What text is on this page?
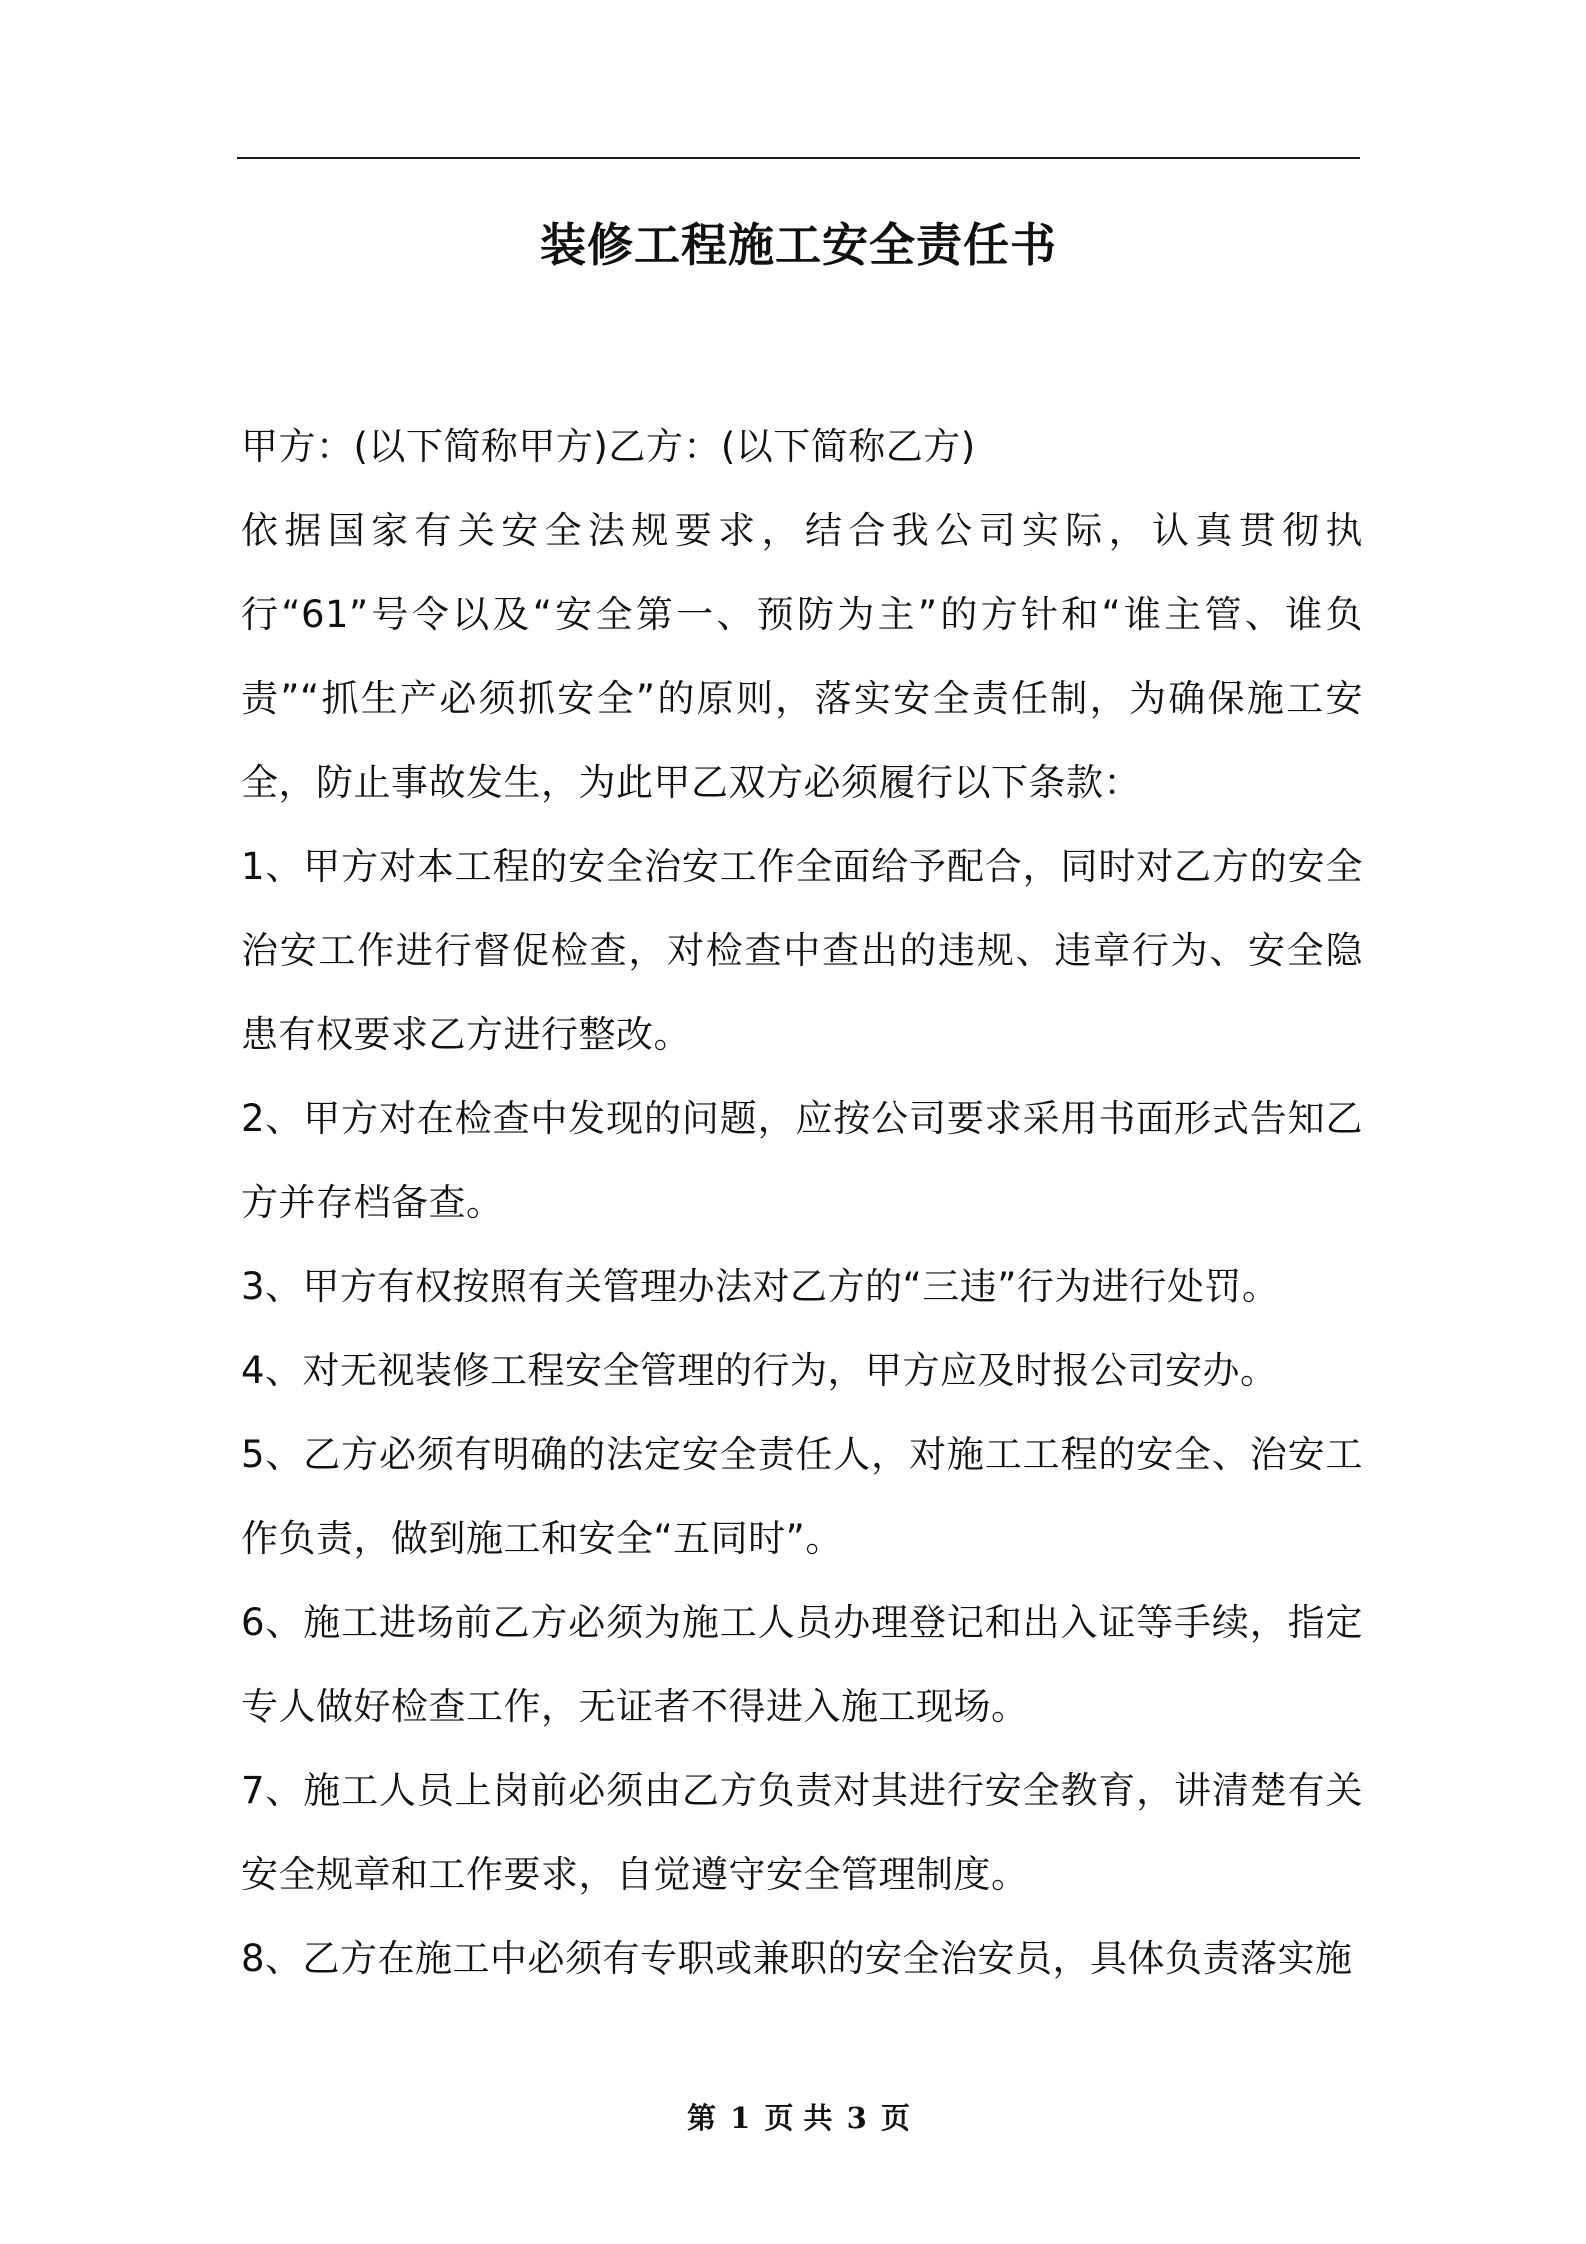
装修工程施工安全责任书

甲方：(以下简称甲方)乙方：(以下简称乙方)

依据国家有关安全法规要求，结合我公司实际，认真贯彻执行“61”号令以及“安全第一、预防为主”的方针和“谁主管、谁负责”“抓生产必须抓安全”的原则，落实安全责任制，为确保施工安全，防止事故发生，为此甲乙双方必须履行以下条款：

1、甲方对本工程的安全治安工作全面给予配合，同时对乙方的安全治安工作进行督促检查，对检查中查出的违规、违章行为、安全隐患有权要求乙方进行整改。

2、甲方对在检查中发现的问题，应按公司要求采用书面形式告知乙方并存档备查。

3、甲方有权按照有关管理办法对乙方的“三违”行为进行处罚。

4、对无视装修工程安全管理的行为，甲方应及时报公司安办。

5、乙方必须有明确的法定安全责任人，对施工工程的安全、治安工作负责，做到施工和安全“五同时”。

6、施工进场前乙方必须为施工人员办理登记和出入证等手续，指定专人做好检查工作，无证者不得进入施工现场。

7、施工人员上岗前必须由乙方负责对其进行安全教育，讲清楚有关安全规章和工作要求，自觉遵守安全管理制度。

8、乙方在施工中必须有专职或兼职的安全治安员，具体负责落实施

第 1 页 共 3 页
